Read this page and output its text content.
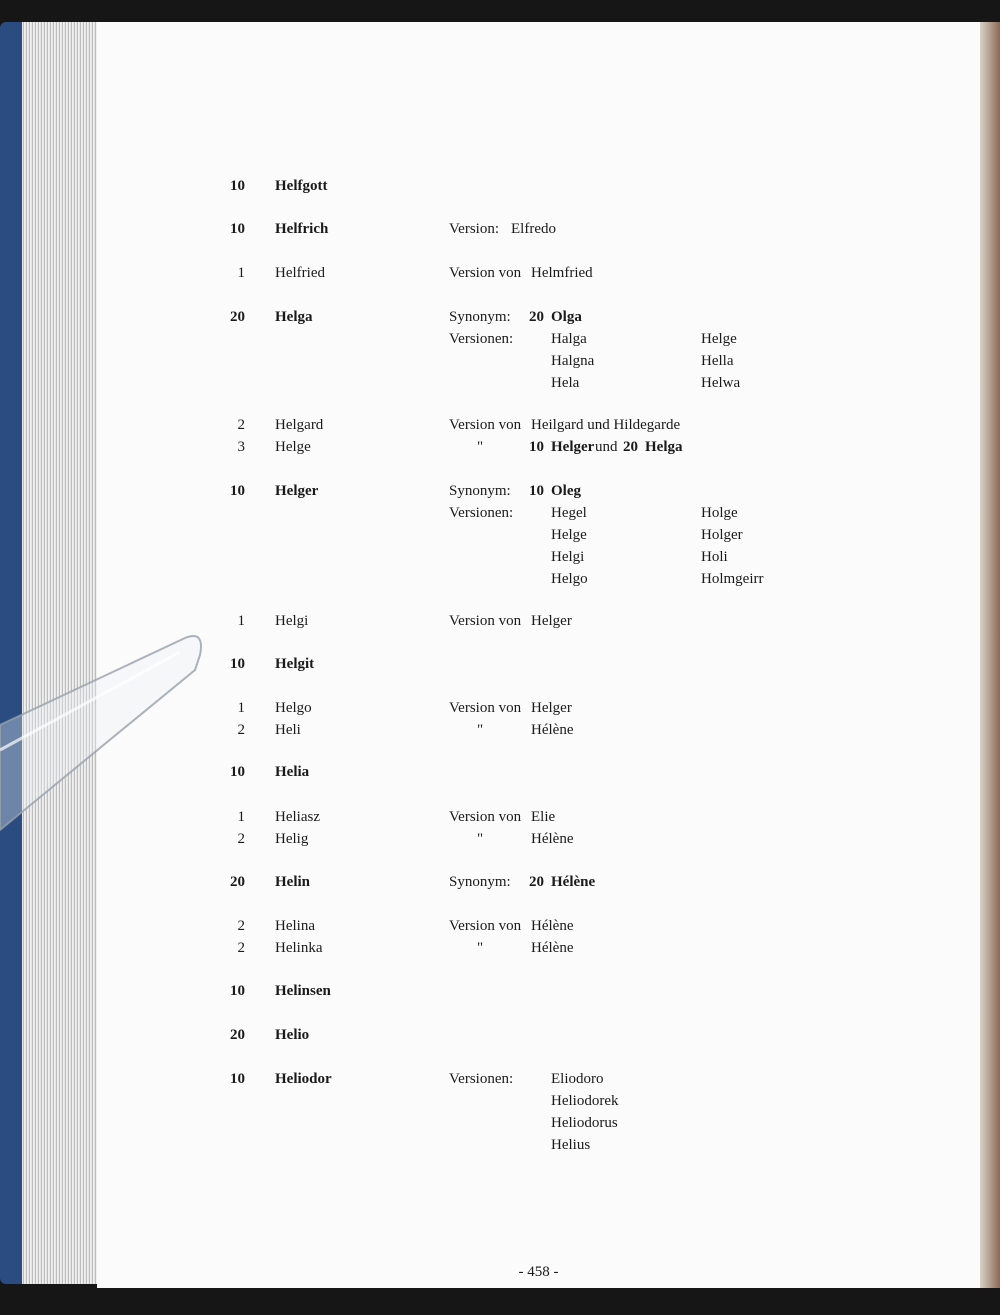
10 Helfgott
10 Helfrich	Version: Elfredo
1 Helfried	Version von Helmfried
20 Helga	Synonym: 20 Olga
Versionen:	Halga	Helge
Halgna	Hella
Hela	Helwa
2 Helgard	Version von Heilgard und Hildegarde
3 Helge	"	10 Helger und 20 Helga
10 Helger	Synonym: 10 Oleg
Versionen:	Hegel	Holge
Helge	Holger
Helgi	Holi
Helgo	Holmgeirr
1 Helgi	Version von Helger
10 Helgit
1 Helgo	Version von Helger
2 Heli	"	Hélène
10 Helia
1 Heliasz	Version von Elie
2 Helig	"	Hélène
20 Helin	Synonym: 20 Hélène
2 Helina	Version von Hélène
2 Helinka	"	Hélène
10 Helinsen
20 Helio
10 Heliodor	Versionen:	Eliodoro
Heliodorek
Heliodorus
Helius
- 458 -
